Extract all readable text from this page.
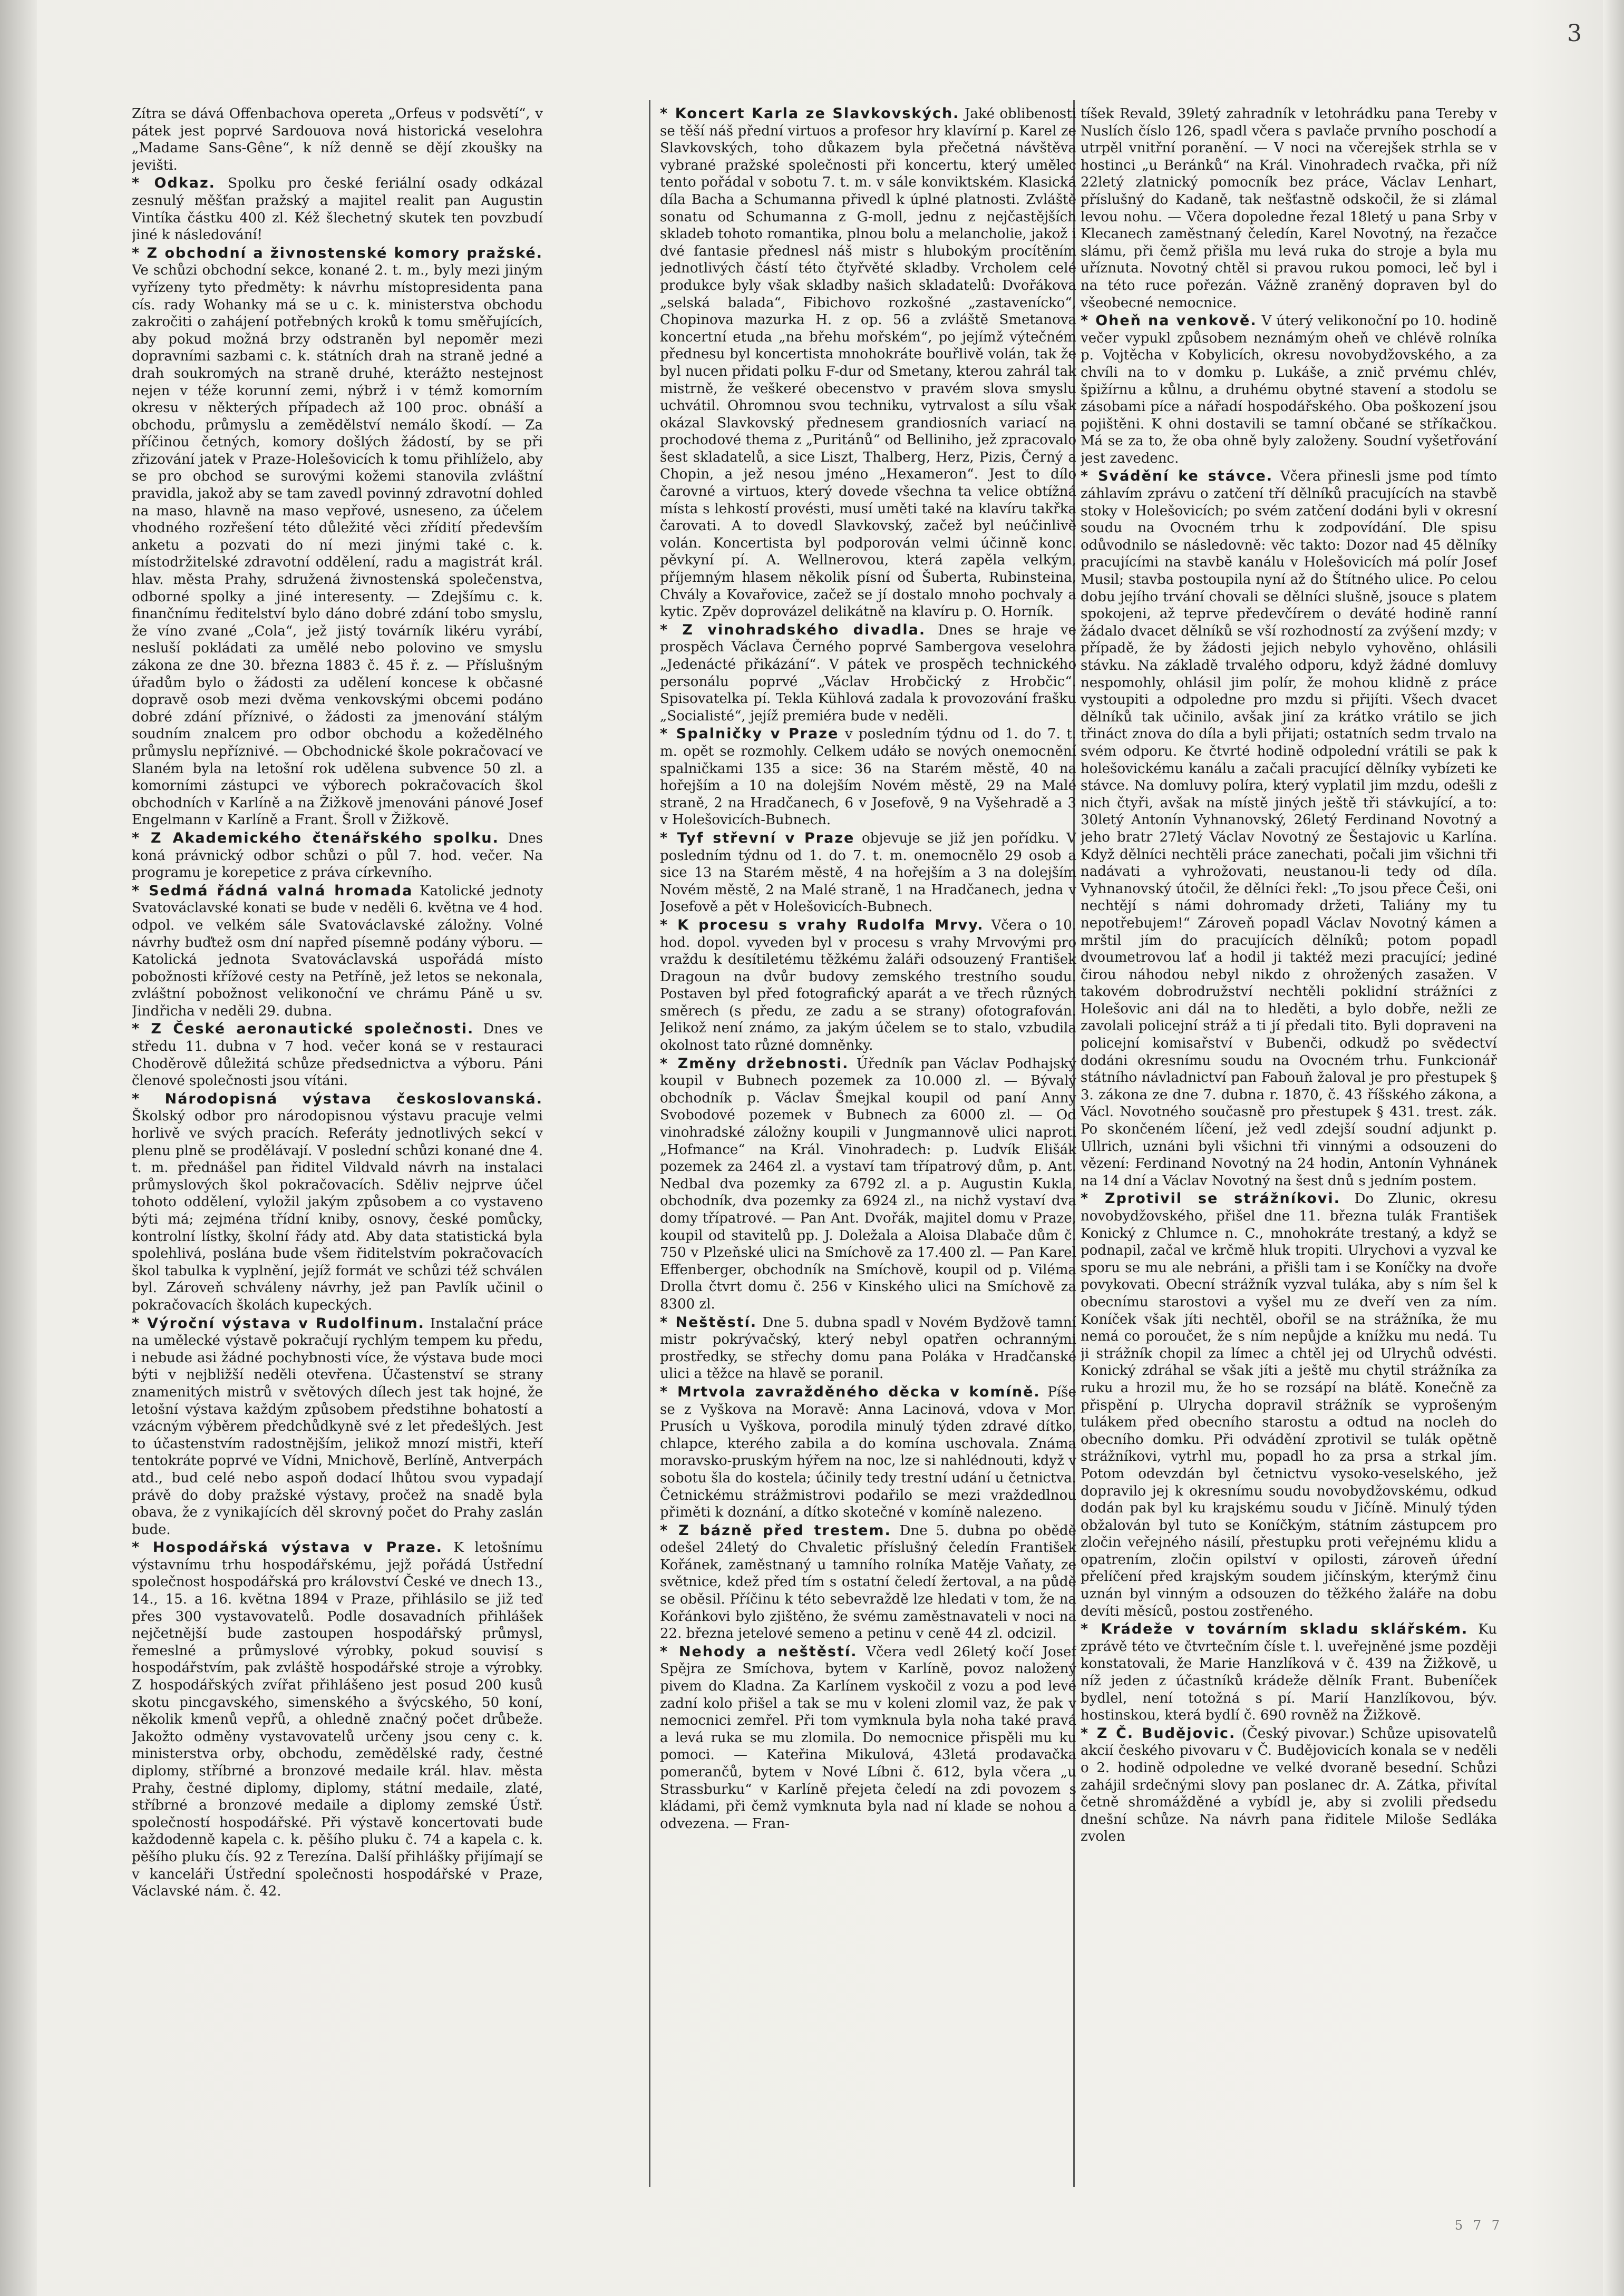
3

Zítra se dává Offenbachova opereta „Orfeus v podsvětí“, v pátek jest poprvé Sardouova nová historická veselohra „Madame Sans-Gêne“, k níž denně se dějí zkoušky na jevišti.

* Odkaz. Spolku pro české feriální osady odkázal zesnulý měšťan pražský a majitel realit pan Augustin Vintíka částku 400 zl. Kéž šlechetný skutek ten povzbudí jiné k následování!

* Z obchodní a živnostenské komory pražské. Ve schůzi obchodní sekce, konané 2. t. m., byly mezi jiným vyřízeny tyto předměty: k návrhu místopresidenta pana cís. rady Wohanky má se u c. k. ministerstva obchodu zakročiti o zahájení potřebných kroků k tomu směřujících, aby pokud možná brzy odstraněn byl nepoměr mezi dopravními sazbami c. k. státních drah na straně jedné a drah soukromých na straně druhé, kterážto nestejnost nejen v téže korunní zemi, nýbrž i v témž komorním okresu v některých případech až 100 proc. obnáší a obchodu, průmyslu a zemědělství nemálo škodí. — Za příčinou četných, komory došlých žádostí, by se při zřizování jatek v Praze-Holešovicích k tomu přihlíželo, aby se pro obchod se surovými kožemi stanovila zvláštní pravidla, jakož aby se tam zavedl povinný zdravotní dohled na maso, hlavně na maso vepřové, usneseno, za účelem vhodného rozřešení této důležité věci zřídití především anketu a pozvati do ní mezi jinými také c. k. místodržitelské zdravotní oddělení, radu a magistrát král. hlav. města Prahy, sdružená živnostenská společenstva, odborné spolky a jiné interesenty. — Zdejšímu c. k. finančnímu ředitelství bylo dáno dobré zdání tobo smyslu, že víno zvané „Cola“, jež jistý továrník likéru vyrábí, nesluší pokládati za umělé nebo polovino ve smyslu zákona ze dne 30. března 1883 č. 45 ř. z. — Příslušným úřadům bylo o žádosti za udělení koncese k občasné dopravě osob mezi dvěma venkovskými obcemi podáno dobré zdání příznivé, o žádosti za jmenování stálým soudním znalcem pro odbor obchodu a kožedělného průmyslu nepříznivé. — Obchodnické škole pokračovací ve Slaném byla na letošní rok udělena subvence 50 zl. a komorními zástupci ve výborech pokračovacích škol obchodních v Karlíně a na Žižkově jmenováni pánové Josef Engelmann v Karlíně a Frant. Šroll v Žižkově.

* Z Akademického čtenářského spolku. Dnes koná právnický odbor schůzi o půl 7. hod. večer. Na programu je korepetice z práva církevního.

* Sedmá řádná valná hromada Katolické jednoty Svatováclavské konati se bude v neděli 6. května ve 4 hod. odpol. ve velkém sále Svatováclavské záložny. Volné návrhy buďtež osm dní napřed písemně podány výboru. — Katolická jednota Svatováclavská uspořádá místo pobožnosti křížové cesty na Petříně, jež letos se nekonala, zvláštní pobožnost velikonoční ve chrámu Páně u sv. Jindřicha v neděli 29. dubna.

* Z České aeronautické společnosti. Dnes ve středu 11. dubna v 7 hod. večer koná se v restauraci Choděrově důležitá schůze předsednictva a výboru. Páni členové společnosti jsou vítáni.

* Národopisná výstava českoslovanská. Školský odbor pro národopisnou výstavu pracuje velmi horlivě ve svých pracích. Referáty jednotlivých sekcí v plenu plně se prodělávají. V poslední schůzi konané dne 4. t. m. přednášel pan řiditel Vildvald návrh na instalaci průmyslových škol pokračovacích. Sděliv nejprve účel tohoto oddělení, vyložil jakým způsobem a co vystaveno býti má; zejména třídní kniby, osnovy, české pomůcky, kontrolní lístky, školní řády atd. Aby data statistická byla spolehlivá, poslána bude všem řiditelstvím pokračovacích škol tabulka k vyplnění, jejíž formát ve schůzi též schválen byl. Zároveň schváleny návrhy, jež pan Pavlík učinil o pokračovacích školách kupeckých.

* Výroční výstava v Rudolfinum. Instalační práce na umělecké výstavě pokračují rychlým tempem ku předu, i nebude asi žádné pochybnosti více, že výstava bude moci býti v nejbližší neděli otevřena. Účastenství se strany znamenitých mistrů v světových dílech jest tak hojné, že letošní výstava každým způsobem předstihne bohatostí a vzácným výběrem předchůdkyně své z let předešlých. Jest to účastenstvím radostnějším, jelikož mnozí mistři, kteří tentokráte poprvé ve Vídni, Mnichově, Berlíně, Antverpách atd., bud celé nebo aspoň dodací lhůtou svou vypadají právě do doby pražské výstavy, pročež na snadě byla obava, že z vynikajících děl skrovný počet do Prahy zaslán bude.

* Hospodářská výstava v Praze. K letošnímu výstavnímu trhu hospodářskému, jejž pořádá Ústřední společnost hospodářská pro království České ve dnech 13., 14., 15. a 16. května 1894 v Praze, přihlásilo se již teď přes 300 vystavovatelů. Podle dosavadních přihlášek nejčetnější bude zastoupen hospodářský průmysl, řemeslné a průmyslové výrobky, pokud souvisí s hospodářstvím, pak zvláště hospodářské stroje a výrobky. Z hospodářských zvířat přihlášeno jest posud 200 kusů skotu pincgavského, simenského a švýcského, 50 koní, několik kmenů vepřů, a ohledně značný počet drůbeže. Jakožto odměny vystavovatelů určeny jsou ceny c. k. ministerstva orby, obchodu, zemědělské rady, čestné diplomy, stříbrné a bronzové medaile král. hlav. města Prahy, čestné diplomy, diplomy, státní medaile, zlaté, stříbrné a bronzové medaile a diplomy zemské Ústř. společností hospodářské. Při výstavě koncertovati bude každodenně kapela c. k. pěšího pluku č. 74 a kapela c. k. pěšího pluku čís. 92 z Terezína. Další přihlášky přijímají se v kanceláři Ústřední společnosti hospodářské v Praze, Václavské nám. č. 42.

* Koncert Karla ze Slavkovských. Jaké oblibenosti se těší náš přední virtuos a profesor hry klavírní p. Karel ze Slavkovských, toho důkazem byla přečetná návštěva vybrané pražské společnosti při koncertu, který umělec tento pořádal v sobotu 7. t. m. v sále konviktském. Klasická díla Bacha a Schumanna přivedl k úplné platnosti. Zvláště sonatu od Schumanna z G-moll, jednu z nejčastějších skladeb tohoto romantika, plnou bolu a melancholie, jakož i dvé fantasie přednesl náš mistr s hlubokým procítěním jednotlivých částí této čtyřvěté skladby. Vrcholem celé produkce byly však skladby našich skladatelů: Dvořákova „selská balada“, Fibichovo rozkošné „zastavenícko“, Chopinova mazurka H. z op. 56 a zvláště Smetanova koncertní etuda „na břehu mořském“, po jejímž výtečném přednesu byl koncertista mnohokráte bouřlivě volán, tak že byl nucen přidati polku F-dur od Smetany, kterou zahrál tak mistrně, že veškeré obecenstvo v pravém slova smyslu uchvátil. Ohromnou svou techniku, vytrvalost a sílu však okázal Slavkovský přednesem grandiosních variací na prochodové thema z „Puritánů“ od Belliniho, jež zpracovalo šest skladatelů, a sice Liszt, Thalberg, Herz, Pizis, Černý a Chopin, a jež nesou jméno „Hexameron“. Jest to dílo čarovné a virtuos, který dovede všechna ta velice obtížná místa s lehkostí provésti, musí uměti také na klavíru takřka čarovati. A to dovedl Slavkovský, začež byl neúčinlivě volán. Koncertista byl podporován velmi účinně konc. pěvkyní pí. A. Wellnerovou, která zapěla velkým, příjemným hlasem několik písní od Šuberta, Rubinsteina, Chvály a Kovařovice, začež se jí dostalo mnoho pochvaly a kytic. Zpěv doprovázel delikátně na klavíru p. O. Horník.

* Z vinohradského divadla. Dnes se hraje ve prospěch Václava Černého poprvé Sambergova veselohra „Jedenácté přikázání“. V pátek ve prospěch technického personálu poprvé „Václav Hrobčický z Hrobčic“. Spisovatelka pí. Tekla Kühlová zadala k provozování frašku „Socialisté“, jejíž premiéra bude v neděli.

* Spalničky v Praze v posledním týdnu od 1. do 7. t. m. opět se rozmohly. Celkem udáło se nových onemocnění spalničkami 135 a sice: 36 na Starém městě, 40 na hořejším a 10 na dolejším Novém městě, 29 na Malé straně, 2 na Hradčanech, 6 v Josefově, 9 na Vyšehradě a 3 v Holešovicích-Bubnech.

* Tyf střevní v Praze objevuje se již jen pořídku. V posledním týdnu od 1. do 7. t. m. onemocnělo 29 osob a sice 13 na Starém městě, 4 na hořejším a 3 na dolejším Novém městě, 2 na Malé straně, 1 na Hradčanech, jedna v Josefově a pět v Holešovicích-Bubnech.

* K procesu s vrahy Rudolfa Mrvy. Včera o 10. hod. dopol. vyveden byl v procesu s vrahy Mrvovými pro vraždu k desítiletému těžkému žaláři odsouzený František Dragoun na dvůr budovy zemského trestního soudu. Postaven byl před fotografický aparát a ve třech různých směrech (s předu, ze zadu a se strany) ofotografován. Jelikož není známo, za jakým účelem se to stalo, vzbudila okolnost tato různé domněnky.

* Změny držebnosti. Úředník pan Václav Podhajský koupil v Bubnech pozemek za 10.000 zl. — Bývalý obchodník p. Václav Šmejkal koupil od paní Anny Svobodové pozemek v Bubnech za 6000 zl. — Od vinohradské záložny koupili v Jungmannově ulici naproti „Hofmance“ na Král. Vinohradech: p. Ludvík Elišák pozemek za 2464 zl. a vystaví tam třípatrový dům, p. Ant. Nedbal dva pozemky za 6792 zl. a p. Augustin Kukla, obchodník, dva pozemky za 6924 zl., na nichž vystaví dva domy třípatrové. — Pan Ant. Dvořák, majitel domu v Praze, koupil od stavitelů pp. J. Doležala a Aloisa Dlabače dům č. 750 v Plzeňské ulici na Smíchově za 17.400 zl. — Pan Karel Effenberger, obchodník na Smíchově, koupil od p. Viléma Drolla čtvrt domu č. 256 v Kinského ulici na Smíchově za 8300 zl.

* Neštěstí. Dne 5. dubna spadl v Novém Bydžově tamní mistr pokrývačský, který nebyl opatřen ochrannými prostředky, se střechy domu pana Poláka v Hradčanské ulici a těžce na hlavě se poranil.

* Mrtvola zavražděného děcka v komíně. Píše se z Vyškova na Moravě: Anna Lacinová, vdova v Mor. Prusích u Vyškova, porodila minulý týden zdravé dítko, chlapce, kterého zabila a do komína uschovala. Známa moravsko-pruským hýřem na noc, lze si nahlédnouti, když v sobotu šla do kostela; účinily tedy trestní udání u četnictva. Četnickému strážmistrovi podařilo se mezi vraždedlnou přiměti k doznání, a dítko skotečné v komíně nalezeno.

* Z bázně před trestem. Dne 5. dubna po obědě odešel 24letý do Chvaletic příslušný čeledín František Kořánek, zaměstnaný u tamního rolníka Matěje Vaňaty, ze světnice, kdež před tím s ostatní čeledí žertoval, a na půdě se oběsil. Příčinu k této sebevraždě lze hledati v tom, že na Kořánkovi bylo zjištěno, že svému zaměstnavateli v noci na 22. března jetelové semeno a petinu v ceně 44 zl. odcizil.

* Nehody a neštěstí. Včera vedl 26letý kočí Josef Spějra ze Smíchova, bytem v Karlíně, povoz naložený pivem do Kladna. Za Karlínem vyskočil z vozu a pod levé zadní kolo přišel a tak se mu v koleni zlomil vaz, že pak v nemocnici zemřel. Při tom vymknula byla noha také pravá a levá ruka se mu zlomila. Do nemocnice přispěli mu ku pomoci. — Kateřina Mikulová, 43letá prodavačka pomerančů, bytem v Nové Líbni č. 612, byla včera „u Strassburku“ v Karlíně přejeta čeledí na zdi povozem s kládami, při čemž vymknuta byla nad ní klade se nohou a odvezena. — Fran-

tíšek Revald, 39letý zahradník v letohrádku pana Tereby v Nuslích číslo 126, spadl včera s pavlače prvního poschodí a utrpěl vnitřní poranění. — V noci na včerejšek strhla se v hostinci „u Beránků“ na Král. Vinohradech rvačka, při níž 22letý zlatnický pomocník bez práce, Václav Lenhart, příslušný do Kadaně, tak nešťastně odskočil, že si zlámal levou nohu. — Včera dopoledne řezal 18letý u pana Srby v Klecanech zaměstnaný čeledín, Karel Novotný, na řezačce slámu, při čemž přišla mu levá ruka do stroje a byla mu uříznuta. Novotný chtěl si pravou rukou pomoci, leč byl i na této ruce pořezán. Vážně zraněný dopraven byl do všeobecné nemocnice.

* Oheň na venkově. V úterý velikonoční po 10. hodině večer vypukl způsobem neznámým oheň ve chlévě rolníka p. Vojtěcha v Kobylicích, okresu novobydžovského, a za chvíli na to v domku p. Lukáše, a znič prvému chlév, špižírnu a kůlnu, a druhému obytné stavení a stodolu se zásobami píce a nářadí hospodářského. Oba poškození jsou pojištěni. K ohni dostavili se tamní občané se stříkačkou. Má se za to, že oba ohně byly založeny. Soudní vyšetřování jest zavedenc.

* Svádění ke stávce. Včera přinesli jsme pod tímto záhlavím zprávu o zatčení tří dělníků pracujících na stavbě stoky v Holešovicích; po svém zatčení dodáni byli v okresní soudu na Ovocném trhu k zodpovídání. Dle spisu odůvodnilo se následovně: věc takto: Dozor nad 45 dělníky pracujícími na stavbě kanálu v Holešovicích má polír Josef Musil; stavba postoupila nyní až do Štítného ulice. Po celou dobu jejího trvání chovali se dělníci slušně, jsouce s platem spokojeni, až teprve předevčírem o deváté hodině ranní žádalo dvacet dělníků se vší rozhodností za zvýšení mzdy; v případě, že by žádosti jejich nebylo vyhověno, ohlásili stávku. Na základě trvalého odporu, když žádné domluvy nespomohly, ohlásil jim polír, že mohou klidně z práce vystoupiti a odpoledne pro mzdu si přijíti. Všech dvacet dělníků tak učinilo, avšak jiní za krátko vrátilo se jich třináct znova do díla a byli přijati; ostatních sedm trvalo na svém odporu. Ke čtvrté hodině odpolední vrátili se pak k holešovickému kanálu a začali pracující dělníky vybízeti ke stávce. Na domluvy políra, který vyplatil jim mzdu, odešli z nich čtyři, avšak na místě jiných ještě tři stávkující, a to: 30letý Antonín Vyhnanovský, 26letý Ferdinand Novotný a jeho bratr 27letý Václav Novotný ze Šestajovic u Karlína. Když dělníci nechtěli práce zanechati, počali jim všichni tři nadávati a vyhrožovati, neustanou-li tedy od díla. Vyhnanovský útočil, že dělníci řekl: „To jsou přece Češi, oni nechtějí s námi dohromady držeti, Taliány my tu nepotřebujem!“ Zároveň popadl Václav Novotný kámen a mrštil jím do pracujících dělníků; potom popadl dvoumetrovou lať a hodil ji taktéž mezi pracující; jediné čirou náhodou nebyl nikdo z ohrožených zasažen. V takovém dobrodružství nechtěli poklidní strážníci z Holešovic ani dál na to hleděti, a bylo dobře, nežli ze zavolali policejní stráž a ti jí předali tito. Byli dopraveni na policejní komisařství v Bubenči, odkudž po svědectví dodáni okresnímu soudu na Ovocném trhu. Funkcionář státního návladnictví pan Fabouň žaloval je pro přestupek § 3. zákona ze dne 7. dubna r. 1870, č. 43 říšského zákona, a Václ. Novotného současně pro přestupek § 431. trest. zák. Po skončeném líčení, jež vedl zdejší soudní adjunkt p. Ullrich, uznáni byli všichni tři vinnými a odsouzeni do vězení: Ferdinand Novotný na 24 hodin, Antonín Vyhnánek na 14 dní a Václav Novotný na šest dnů s jedním postem.

* Zprotivil se strážníkovi. Do Zlunic, okresu novobydžovského, přišel dne 11. března tulák František Konický z Chlumce n. C., mnohokráte trestaný, a když se podnapil, začal ve krčmě hluk tropiti. Ulrychovi a vyzval ke sporu se mu ale nebráni, a přišli tam i se Koníčky na dvoře povykovati. Obecní strážník vyzval tuláka, aby s ním šel k obecnímu starostovi a vyšel mu ze dveří ven za ním. Koníček však jíti nechtěl, obořil se na strážníka, že mu nemá co poroučet, že s ním nepůjde a knížku mu nedá. Tu ji strážník chopil za límec a chtěl jej od Ulrychů odvésti. Konický zdráhal se však jíti a ještě mu chytil strážníka za ruku a hrozil mu, že ho se rozsápí na blátě. Konečně za přispění p. Ulrycha dopravil strážník se vyprošeným tulákem před obecního starostu a odtud na nocleh do obecního domku. Při odvádění zprotivil se tulák opětně strážníkovi, vytrhl mu, popadl ho za prsa a strkal jím. Potom odevzdán byl četnictvu vysoko-veselského, jež dopravilo jej k okresnímu soudu novobydžovskému, odkud dodán pak byl ku krajskému soudu v Jičíně. Minulý týden obžalován byl tuto se Koníčkým, státním zástupcem pro zločin veřejného násilí, přestupku proti veřejnému klidu a opatrením, zločin opilství v opilosti, zároveň úřední přelíčení před krajským soudem jičínským, kterýmž činu uznán byl vinným a odsouzen do těžkého žaláře na dobu devíti měsíců, postou zostřeného.

* Krádeže v továrním skladu sklářském. Ku zprávě této ve čtvrtečním čísle t. l. uveřejněné jsme později konstatovali, že Marie Hanzlíková v č. 439 na Žižkově, u níž jeden z účastníků krádeže dělník Frant. Bubeníček bydlel, není totožná s pí. Marií Hanzlíkovou, býv. hostinskou, která bydlí č. 690 rovněž na Žižkově.

* Z Č. Budějovic. (Český pivovar.) Schůze upisovatelů akcií českého pivovaru v Č. Budějovicích konala se v neděli o 2. hodině odpoledne ve velké dvoraně besední. Schůzi zahájil srdečnými slovy pan poslanec dr. A. Zátka, přivítal četně shromážděné a vybídl je, aby si zvolili předsedu dnešní schůze. Na návrh pana řiditele Miloše Sedláka zvolen

5 7 7
